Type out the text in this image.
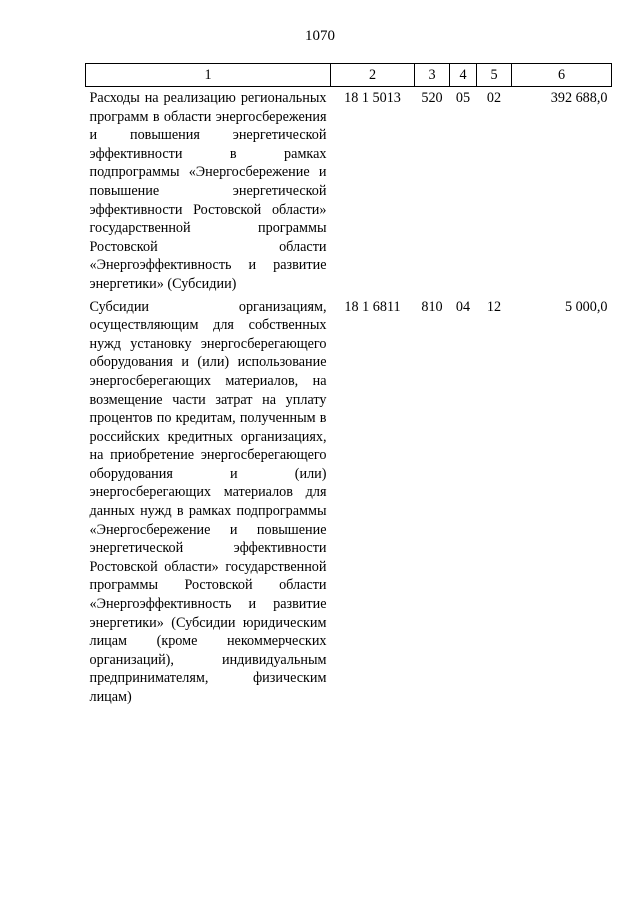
1070
1	2	3	4	5	6
Расходы на реализацию региональных программ в области энергосбережения и повышения энергетической эффективности в рамках подпрограммы «Энергосбережение и повышение энергетической эффективности Ростовской области» государственной программы Ростовской области «Энергоэффективность и развитие энергетики» (Субсидии)	18 1 5013	520	05	02	392 688,0
Субсидии организациям, осуществляющим для собственных нужд установку энергосберегающего оборудования и (или) использование энергосберегающих материалов, на возмещение части затрат на уплату процентов по кредитам, полученным в российских кредитных организациях, на приобретение энергосберегающего оборудования и (или) энергосберегающих материалов для данных нужд в рамках подпрограммы «Энергосбережение и повышение энергетической эффективности Ростовской области» государственной программы Ростовской области «Энергоэффективность и развитие энергетики» (Субсидии юридическим лицам (кроме некоммерческих организаций), индивидуальным предпринимателям, физическим лицам)	18 1 6811	810	04	12	5 000,0
